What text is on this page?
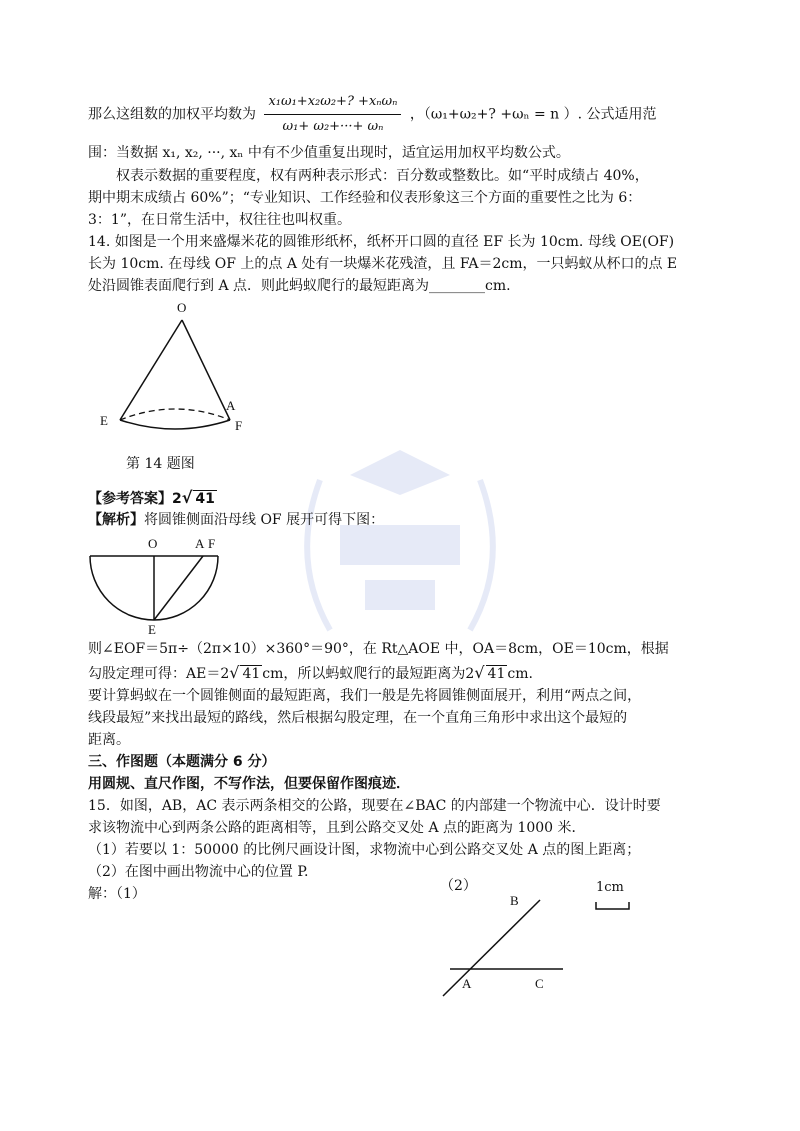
那么这组数的加权平均数为 $\frac{\text{x₁ω₁+x₂ω₂+? +xₙωₙ}}{\text{ω₁+ ω₂+···+ ωₙ}}$ ，（ω₁+ω₂+? +ωₙ = n ）. 公式适用范
围：当数据 x₁, x₂, ···, xₙ 中有不少值重复出现时，适宜运用加权平均数公式。
权表示数据的重要程度，权有两种表示形式：百分数或整数比。如“平时成绩占 40%，
期中期末成绩占 60%”；“专业知识、工作经验和仪表形象这三个方面的重要性之比为 6：
3：1”，在日常生活中，权往往也叫权重。
14. 如图是一个用来盛爆米花的圆锥形纸杯，纸杯开口圆的直径 EF 长为 10cm. 母线 OE(OF)
长为 10cm. 在母线 OF 上的点 A 处有一块爆米花残渣，且 FA＝2cm，一只蚂蚁从杯口的点 E
处沿圆锥表面爬行到 A 点．则此蚂蚁爬行的最短距离为________cm.
O
E
A
F
第 14 题图
【参考答案】2√ 41
【解析】将圆锥侧面沿母线 OF 展开可得下图：
O	A F
E
则∠EOF＝5π÷（2π×10）×360°＝90°，在 Rt△AOE 中，OA＝8cm，OE＝10cm，根据
勾股定理可得：AE＝2√ 41 cm，所以蚂蚁爬行的最短距离为2√ 41 cm.
要计算蚂蚁在一个圆锥侧面的最短距离，我们一般是先将圆锥侧面展开，利用“两点之间，
线段最短”来找出最短的路线，然后根据勾股定理，在一个直角三角形中求出这个最短的
距离。
三、作图题（本题满分 6 分）
用圆规、直尺作图，不写作法，但要保留作图痕迹．
15．如图，AB，AC 表示两条相交的公路，现要在∠BAC 的内部建一个物流中心．设计时要
求该物流中心到两条公路的距离相等，且到公路交叉处 A 点的距离为 1000 米．
（1）若要以 1：50000 的比例尺画设计图，求物流中心到公路交叉处 A 点的图上距离；
（2）在图中画出物流中心的位置 P.
解：（1）	（2）
B
A	C
1cm
